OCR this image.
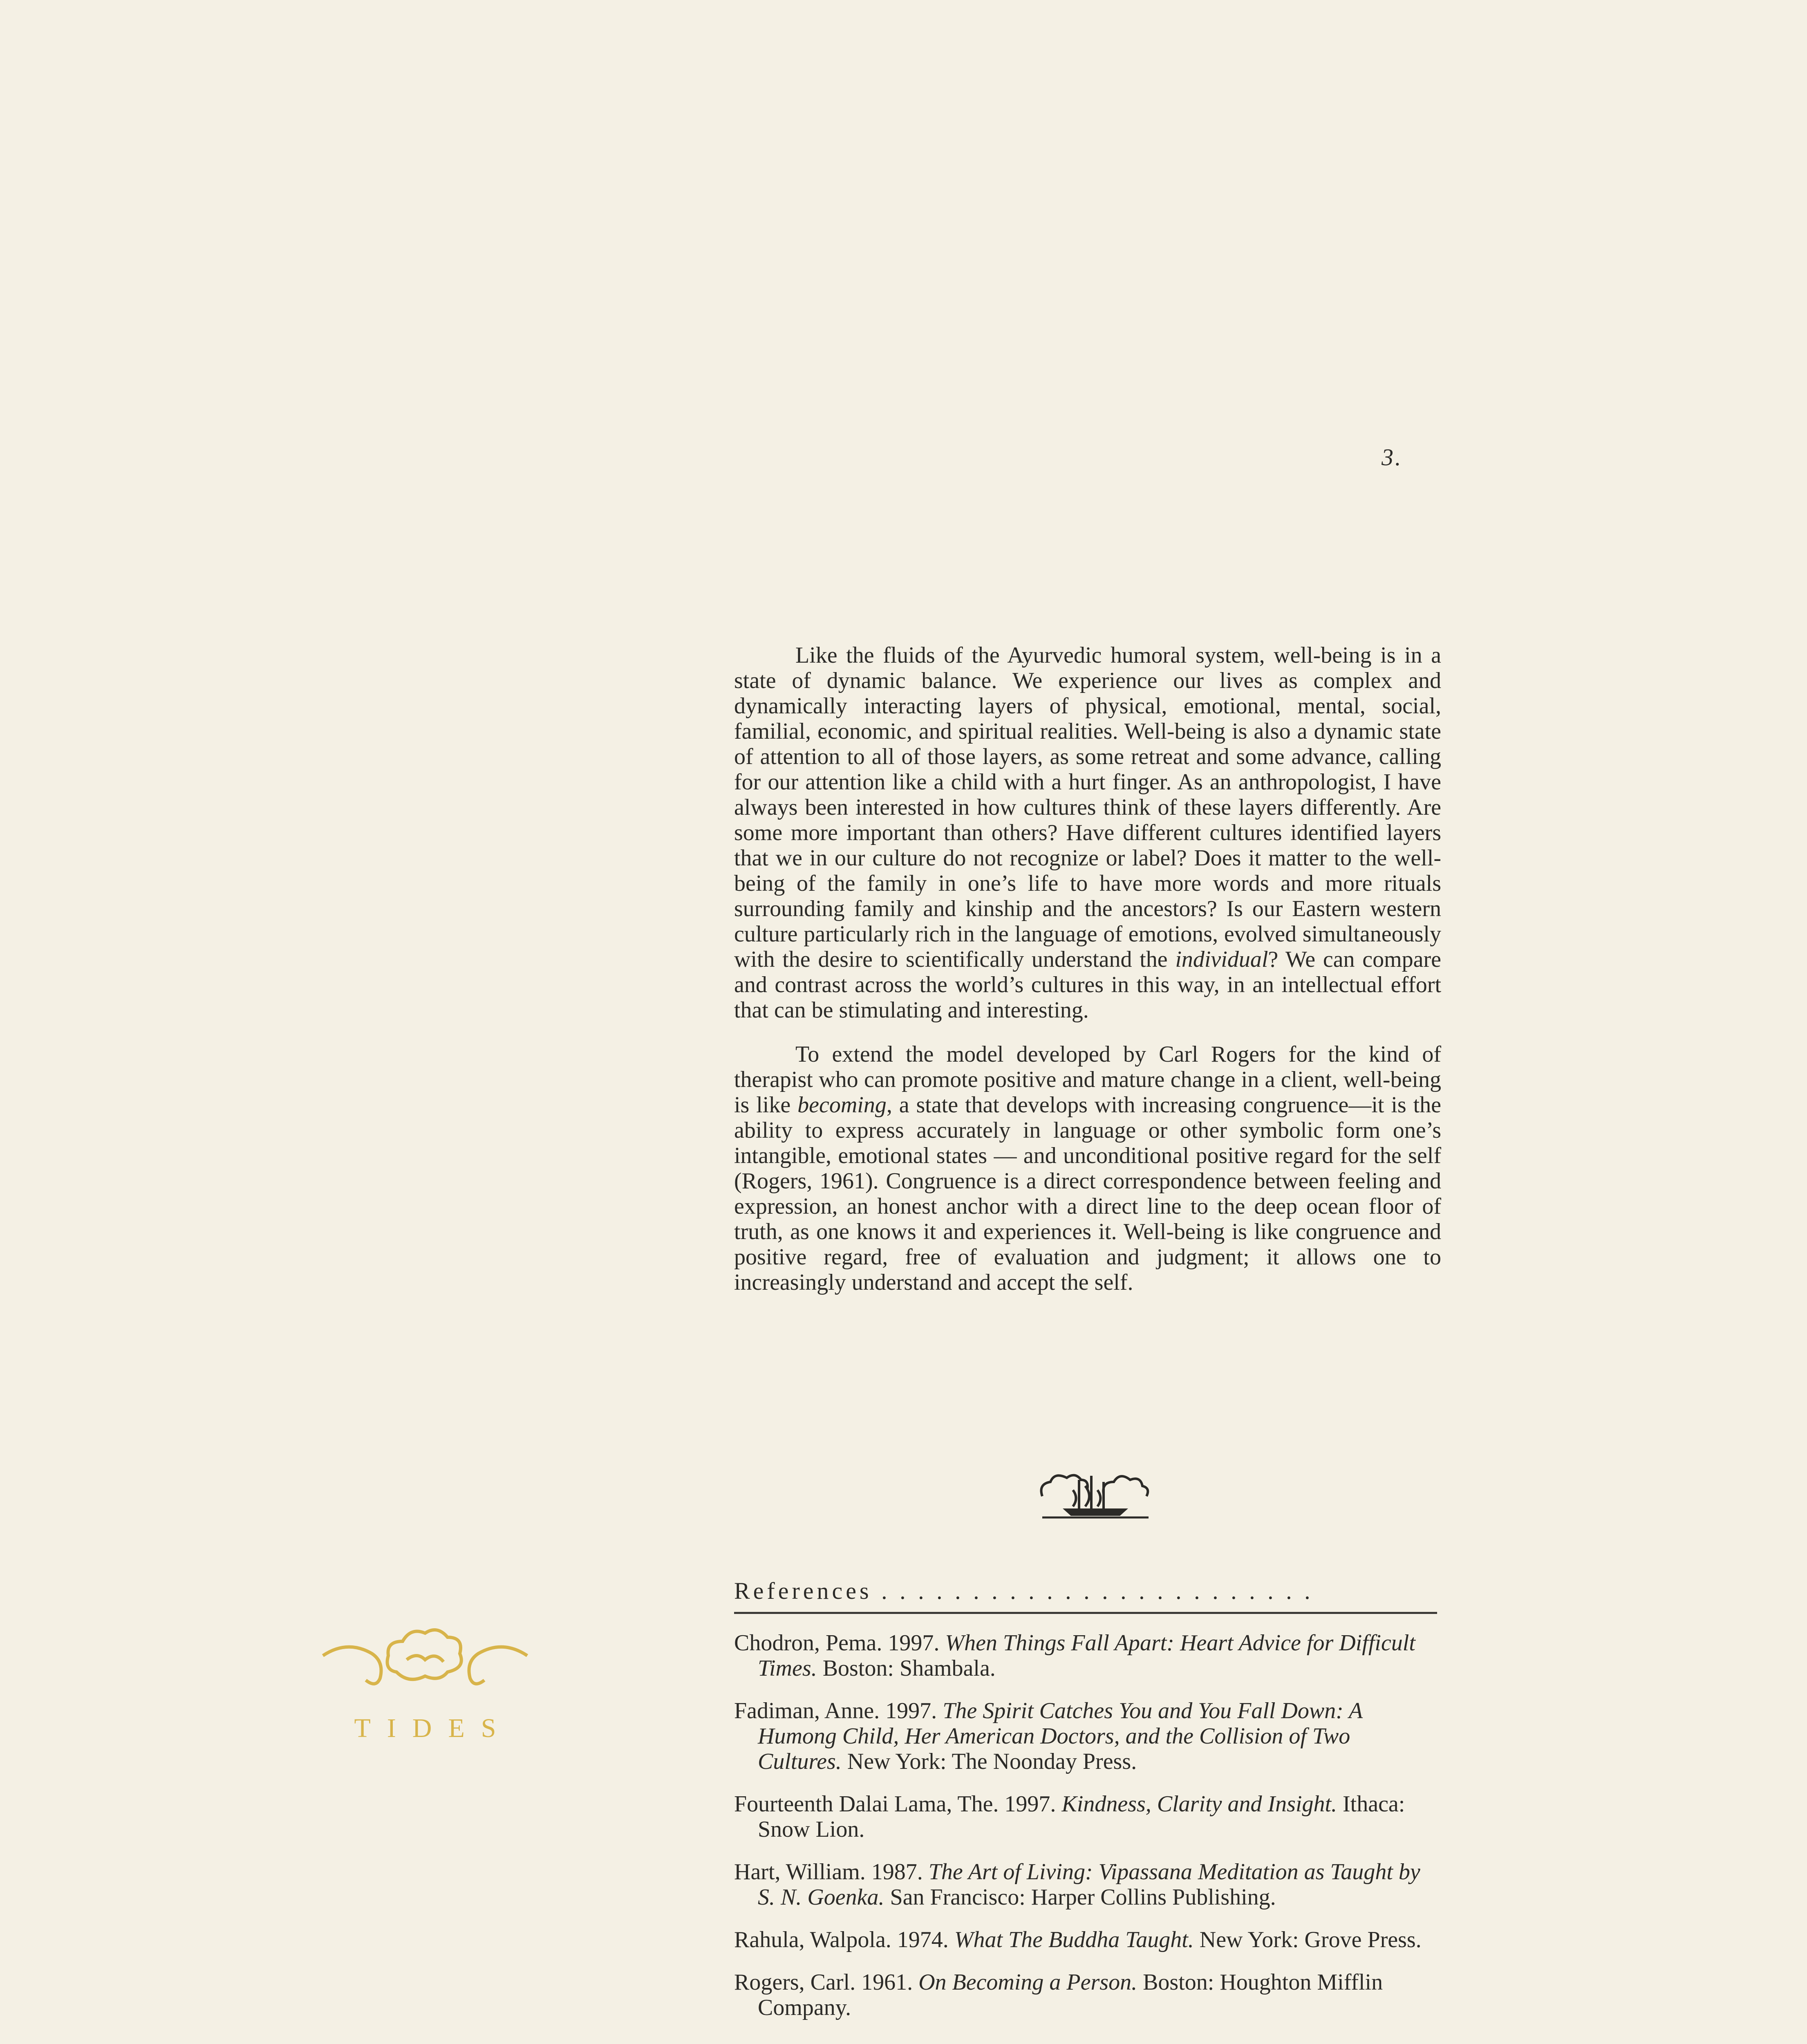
3.

Like the fluids of the Ayurvedic humoral system, well-being is in a state of dynamic balance. We experience our lives as complex and dynamically interacting layers of physical, emotional, mental, social, familial, economic, and spiritual realities. Well-being is also a dynamic state of attention to all of those layers, as some retreat and some advance, calling for our attention like a child with a hurt finger. As an anthropologist, I have always been interested in how cultures think of these layers differently. Are some more important than others? Have different cultures identified layers that we in our culture do not recognize or label? Does it matter to the well-being of the family in one’s life to have more words and more rituals surrounding family and kinship and the ancestors? Is our Eastern western culture particularly rich in the language of emotions, evolved simultaneously with the desire to scientifically understand the individual? We can compare and contrast across the world’s cultures in this way, in an intellectual effort that can be stimulating and interesting.

To extend the model developed by Carl Rogers for the kind of therapist who can promote positive and mature change in a client, well-being is like becoming, a state that develops with increasing congruence—it is the ability to express accurately in language or other symbolic form one’s intangible, emotional states — and unconditional positive regard for the self (Rogers, 1961). Congruence is a direct correspondence between feeling and expression, an honest anchor with a direct line to the deep ocean floor of truth, as one knows it and experiences it. Well-being is like congruence and positive regard, free of evaluation and judgment; it allows one to increasingly understand and accept the self.

TIDES
References . . . . . . . . . . . . . . . . . . . . . . . .
Chodron, Pema. 1997. When Things Fall Apart: Heart Advice for Difficult Times. Boston: Shambala.
Fadiman, Anne. 1997. The Spirit Catches You and You Fall Down: A Humong Child, Her American Doctors, and the Collision of Two Cultures. New York: The Noonday Press.
Fourteenth Dalai Lama, The. 1997. Kindness, Clarity and Insight. Ithaca: Snow Lion.
Hart, William. 1987. The Art of Living: Vipassana Meditation as Taught by S. N. Goenka. San Francisco: Harper Collins Publishing.
Rahula, Walpola. 1974. What The Buddha Taught. New York: Grove Press.
Rogers, Carl. 1961. On Becoming a Person. Boston: Houghton Mifflin Company.
